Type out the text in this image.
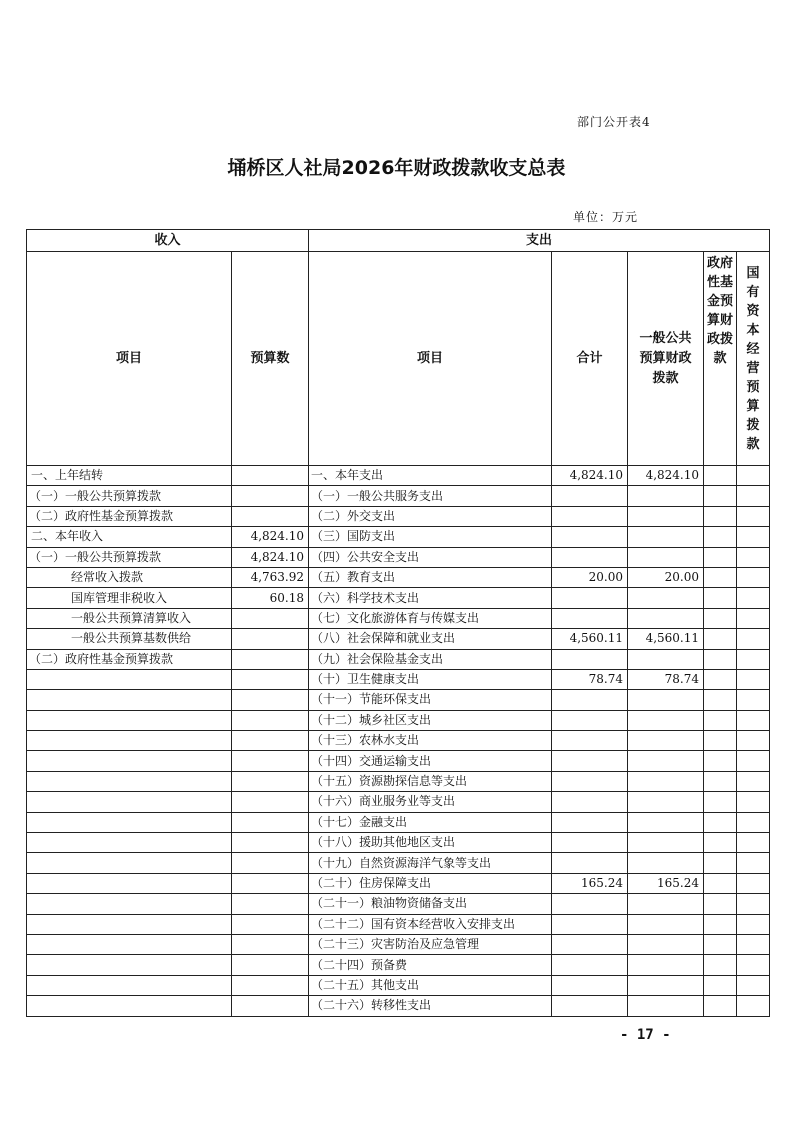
部门公开表4
埇桥区人社局2026年财政拨款收支总表
单位：万元
收入		支出				
项目	预算数	项目	合计	一般公共预算财政拨款	政府性基金预算财政拨款	国有资本经营预算拨款
一、上年结转		一、本年支出	4,824.10	4,824.10		
（一）一般公共预算拨款		（一）一般公共服务支出				
（二）政府性基金预算拨款		（二）外交支出				
二、本年收入	4,824.10	（三）国防支出				
（一）一般公共预算拨款	4,824.10	（四）公共安全支出				
经常收入拨款	4,763.92	（五）教育支出	20.00	20.00		
国库管理非税收入	60.18	（六）科学技术支出				
一般公共预算清算收入		（七）文化旅游体育与传媒支出				
一般公共预算基数供给		（八）社会保障和就业支出	4,560.11	4,560.11		
（二）政府性基金预算拨款		（九）社会保险基金支出				
		（十）卫生健康支出	78.74	78.74		
		（十一）节能环保支出				
		（十二）城乡社区支出				
		（十三）农林水支出				
		（十四）交通运输支出				
		（十五）资源勘探信息等支出				
		（十六）商业服务业等支出				
		（十七）金融支出				
		（十八）援助其他地区支出				
		（十九）自然资源海洋气象等支出				
		（二十）住房保障支出	165.24	165.24		
		（二十一）粮油物资储备支出				
		（二十二）国有资本经营收入安排支出				
		（二十三）灾害防治及应急管理				
		（二十四）预备费				
		（二十五）其他支出				
		（二十六）转移性支出				
- 17 -
